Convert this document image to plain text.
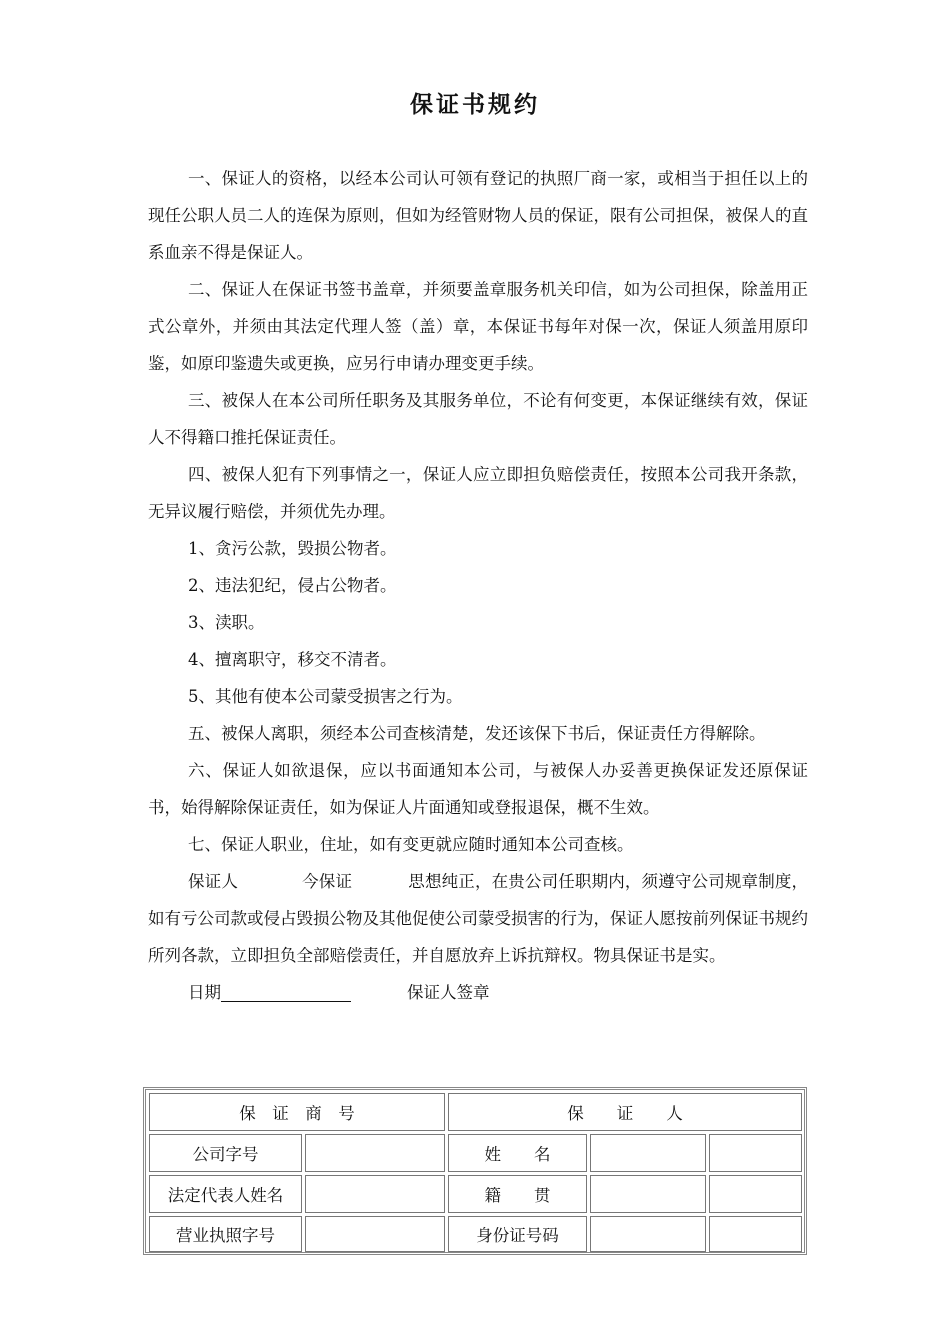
保证书规约

一、保证人的资格，以经本公司认可领有登记的执照厂商一家，或相当于担任以上的现任公职人员二人的连保为原则，但如为经管财物人员的保证，限有公司担保，被保人的直系血亲不得是保证人。

二、保证人在保证书签书盖章，并须要盖章服务机关印信，如为公司担保，除盖用正式公章外，并须由其法定代理人签（盖）章，本保证书每年对保一次，保证人须盖用原印鉴，如原印鉴遗失或更换，应另行申请办理变更手续。

三、被保人在本公司所任职务及其服务单位，不论有何变更，本保证继续有效，保证人不得籍口推托保证责任。

四、被保人犯有下列事情之一，保证人应立即担负赔偿责任，按照本公司我开条款，无异议履行赔偿，并须优先办理。

1、贪污公款，毁损公物者。

2、违法犯纪，侵占公物者。

3、渎职。

4、擅离职守，移交不清者。

5、其他有使本公司蒙受损害之行为。

五、被保人离职，须经本公司查核清楚，发还该保下书后，保证责任方得解除。

六、保证人如欲退保，应以书面通知本公司，与被保人办妥善更换保证发还原保证书，始得解除保证责任，如为保证人片面通知或登报退保，概不生效。

七、保证人职业，住址，如有变更就应随时通知本公司查核。

保证人	今保证	思想纯正，在贵公司任职期内，须遵守公司规章制度，如有亏公司款或侵占毁损公物及其他促使公司蒙受损害的行为，保证人愿按前列保证书规约所列各款，立即担负全部赔偿责任，并自愿放弃上诉抗辩权。物具保证书是实。

日期	保证人签章

保　证　商　号	保　　证　　人
公司字号	姓　　名
法定代表人姓名	籍　　贯
营业执照字号	身份证号码
